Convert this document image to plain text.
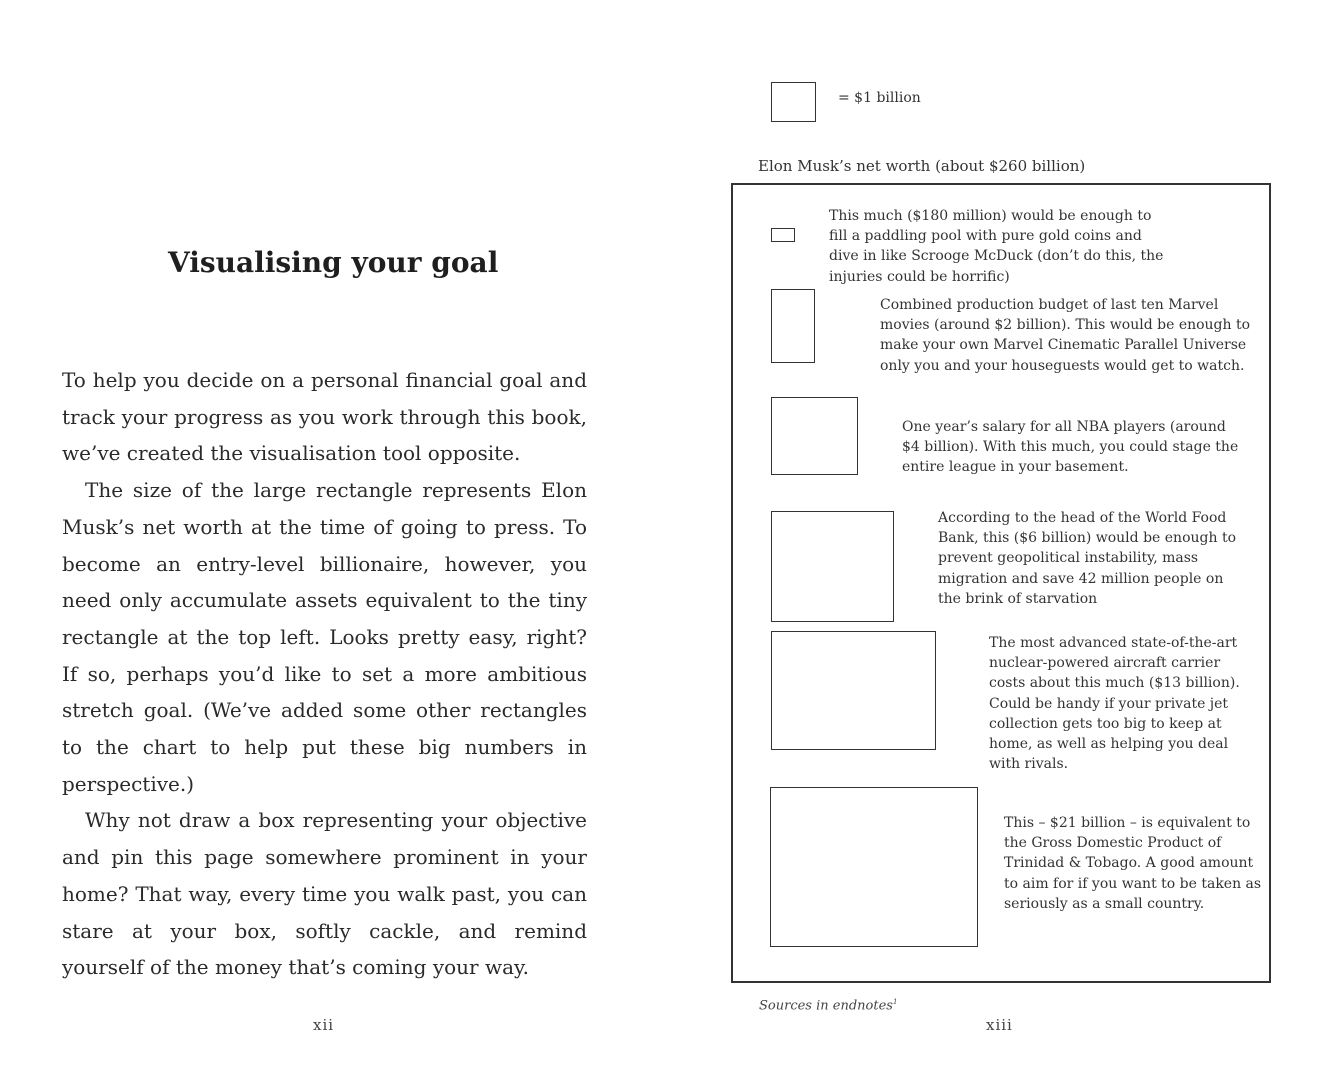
Visualising your goal

To help you decide on a personal financial goal and track your progress as you work through this book, we’ve created the visualisation tool opposite.

The size of the large rectangle represents Elon Musk’s net worth at the time of going to press. To become an entry-level billionaire, however, you need only accumulate assets equivalent to the tiny rectangle at the top left. Looks pretty easy, right? If so, perhaps you’d like to set a more ambitious stretch goal. (We’ve added some other rectangles to the chart to help put these big numbers in perspective.)

Why not draw a box representing your objective and pin this page somewhere prominent in your home? That way, every time you walk past, you can stare at your box, softly cackle, and remind yourself of the money that’s coming your way.

xii
= $1 billion
Elon Musk’s net worth (about $260 billion)

This much ($180 million) would be enough to fill a paddling pool with pure gold coins and dive in like Scrooge McDuck (don’t do this, the injuries could be horrific)

Combined production budget of last ten Marvel movies (around $2 billion). This would be enough to make your own Marvel Cinematic Parallel Universe only you and your houseguests would get to watch.

One year’s salary for all NBA players (around $4 billion). With this much, you could stage the entire league in your basement.

According to the head of the World Food Bank, this ($6 billion) would be enough to prevent geopolitical instability, mass migration and save 42 million people on the brink of starvation

The most advanced state-of-the-art nuclear-powered aircraft carrier costs about this much ($13 billion). Could be handy if your private jet collection gets too big to keep at home, as well as helping you deal with rivals.

This – $21 billion – is equivalent to the Gross Domestic Product of Trinidad & Tobago. A good amount to aim for if you want to be taken as seriously as a small country.

Sources in endnotes$^1$
xiii
